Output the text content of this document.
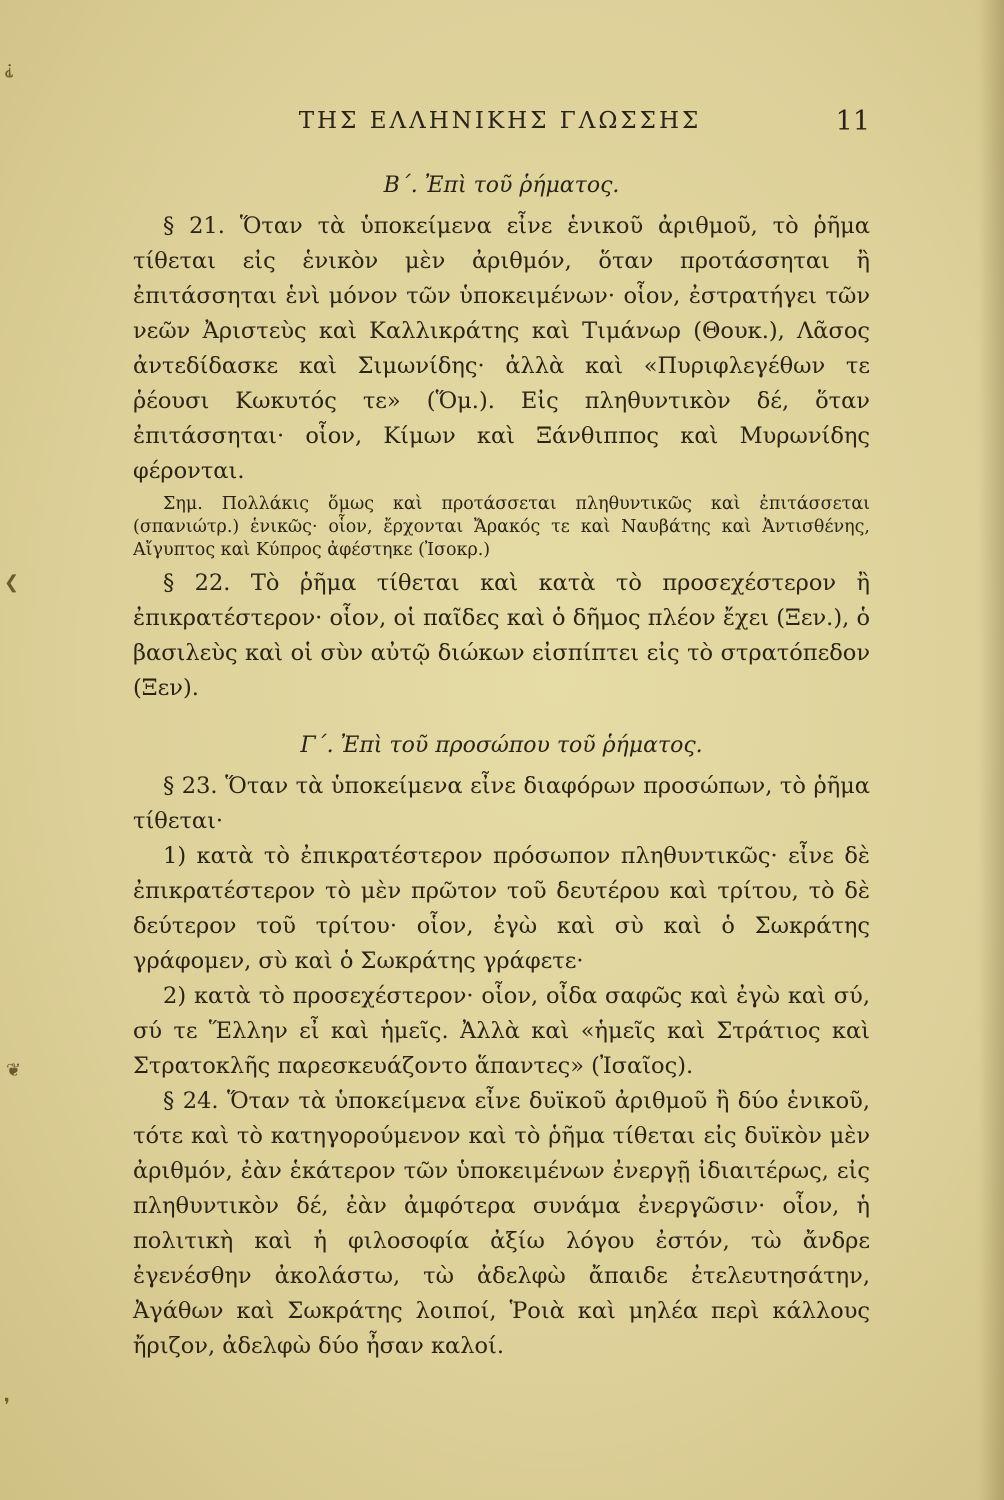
⸘
❮
❦
❜
ΤΗΣ ΕΛΛΗΝΙΚΗΣ ΓΛΩΣΣΗΣ	11

Β΄. Ἐπὶ τοῦ ῥήματος.

§ 21. Ὅταν τὰ ὑποκείμενα εἶνε ἑνικοῦ ἀριθμοῦ, τὸ ῥῆμα τίθεται εἰς ἑνικὸν μὲν ἀριθμόν, ὅταν προτάσσηται ἢ ἐπιτάσσηται ἑνὶ μόνον τῶν ὑποκειμένων· οἷον, ἐστρατήγει τῶν νεῶν Ἀριστεὺς καὶ Καλλικράτης καὶ Τιμάνωρ (Θουκ.), Λᾶσος ἀντεδίδασκε καὶ Σιμωνίδης· ἀλλὰ καὶ «Πυριφλεγέθων τε ῥέουσι Κωκυτός τε» (Ὅμ.). Εἰς πληθυντικὸν δέ, ὅταν ἐπιτάσσηται· οἷον, Κίμων καὶ Ξάνθιππος καὶ Μυρωνίδης φέρονται.

Σημ. Πολλάκις ὅμως καὶ προτάσσεται πληθυντικῶς καὶ ἐπιτάσσεται (σπανιώτρ.) ἑνικῶς· οἷον, ἔρχονται Ἄρακός τε καὶ Ναυβάτης καὶ Ἀντισθένης, Αἴγυπτος καὶ Κύπρος ἀφέστηκε (Ἰσοκρ.)

§ 22. Τὸ ῥῆμα τίθεται καὶ κατὰ τὸ προσεχέστερον ἢ ἐπικρατέστερον· οἷον, οἱ παῖδες καὶ ὁ δῆμος πλέον ἔχει (Ξεν.), ὁ βασιλεὺς καὶ οἱ σὺν αὐτῷ διώκων εἰσπίπτει εἰς τὸ στρατόπεδον (Ξεν).

Γ΄. Ἐπὶ τοῦ προσώπου τοῦ ῥήματος.

§ 23. Ὅταν τὰ ὑποκείμενα εἶνε διαφόρων προσώπων, τὸ ῥῆμα τίθεται·

1) κατὰ τὸ ἐπικρατέστερον πρόσωπον πληθυντικῶς· εἶνε δὲ ἐπικρατέστερον τὸ μὲν πρῶτον τοῦ δευτέρου καὶ τρίτου, τὸ δὲ δεύτερον τοῦ τρίτου· οἷον, ἐγὼ καὶ σὺ καὶ ὁ Σωκράτης γράφομεν, σὺ καὶ ὁ Σωκράτης γράφετε·

2) κατὰ τὸ προσεχέστερον· οἷον, οἶδα σαφῶς καὶ ἐγὼ καὶ σύ, σύ τε Ἕλλην εἶ καὶ ἡμεῖς. Ἀλλὰ καὶ «ἡμεῖς καὶ Στράτιος καὶ Στρατοκλῆς παρεσκευάζοντο ἅπαντες» (Ἰσαῖος).

§ 24. Ὅταν τὰ ὑποκείμενα εἶνε δυϊκοῦ ἀριθμοῦ ἢ δύο ἑνικοῦ, τότε καὶ τὸ κατηγορούμενον καὶ τὸ ῥῆμα τίθεται εἰς δυϊκὸν μὲν ἀριθμόν, ἐὰν ἑκάτερον τῶν ὑποκειμένων ἐνεργῇ ἰδιαιτέρως, εἰς πληθυντικὸν δέ, ἐὰν ἀμφότερα συνάμα ἐνεργῶσιν· οἷον, ἡ πολιτικὴ καὶ ἡ φιλοσοφία ἀξίω λόγου ἐστόν, τὼ ἄνδρε ἐγενέσθην ἀκολάστω, τὼ ἀδελφὼ ἄπαιδε ἐτελευτησάτην, Ἀγάθων καὶ Σωκράτης λοιποί, Ῥοιὰ καὶ μηλέα περὶ κάλλους ἤριζον, ἀδελφὼ δύο ἦσαν καλοί.
